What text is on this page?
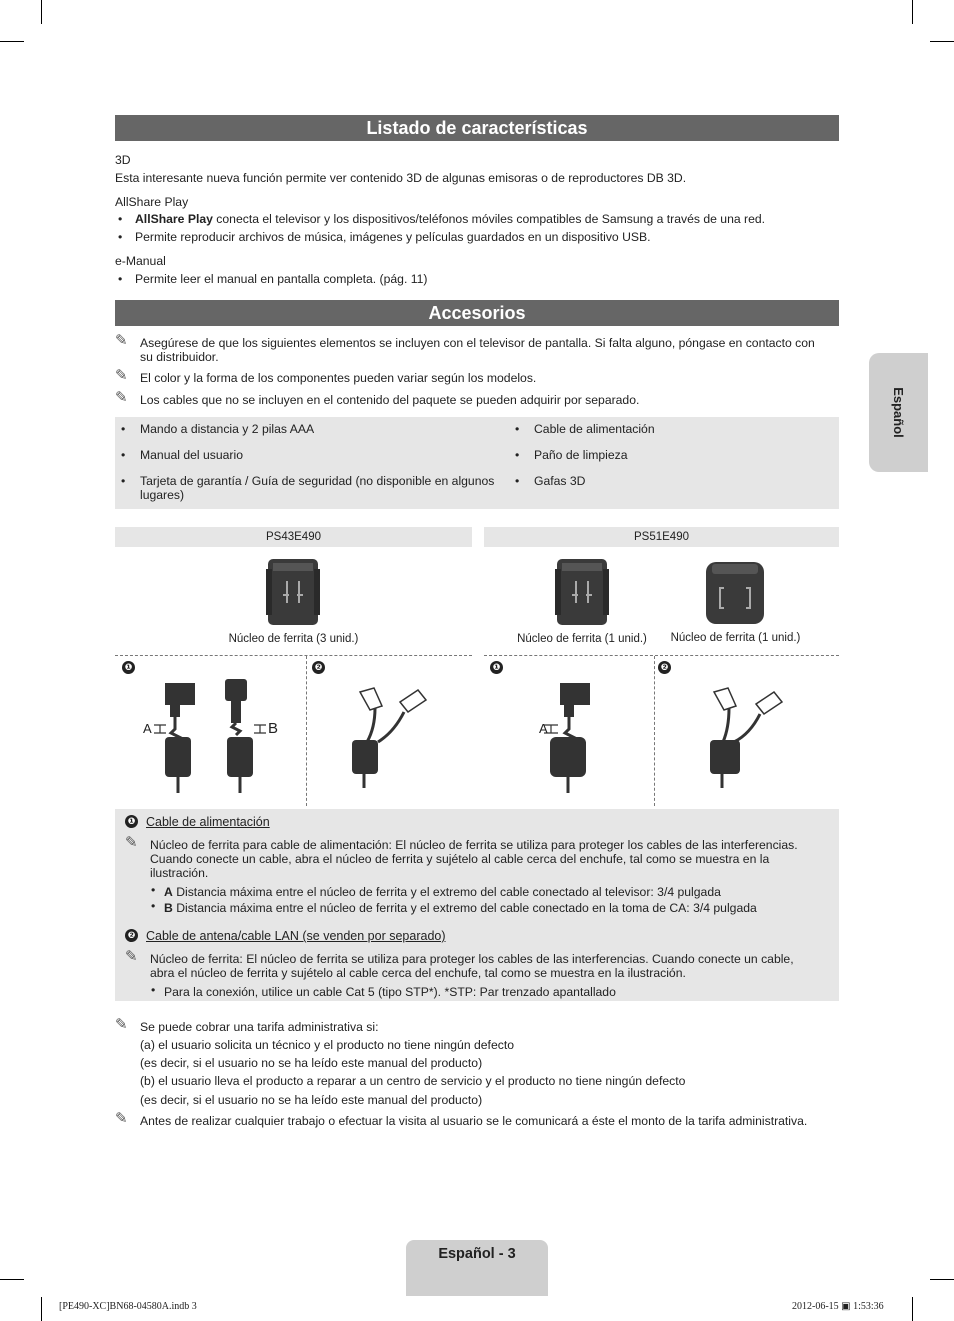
Español
Listado de características
3D
Esta interesante nueva función permite ver contenido 3D de algunas emisoras o de reproductores DB 3D.
AllShare Play
• AllShare Play conecta el televisor y los dispositivos/teléfonos móviles compatibles de Samsung a través de una red.
• Permite reproducir archivos de música, imágenes y películas guardados en un dispositivo USB.
e-Manual
• Permite leer el manual en pantalla completa. (pág. 11)
Accesorios
✎ Asegúrese de que los siguientes elementos se incluyen con el televisor de pantalla. Si falta alguno, póngase en contacto con su distribuidor.
✎ El color y la forma de los componentes pueden variar según los modelos.
✎ Los cables que no se incluyen en el contenido del paquete se pueden adquirir por separado.
• Mando a distancia y 2 pilas AAA
• Manual del usuario
• Tarjeta de garantía / Guía de seguridad (no disponible en algunos lugares)
• Cable de alimentación
• Paño de limpieza
• Gafas 3D
PS43E490	PS51E490
Núcleo de ferrita (3 unid.)	Núcleo de ferrita (1 unid.)	Núcleo de ferrita (1 unid.)
❶	❷	❶	❷
A	B	A
❶ Cable de alimentación
✎ Núcleo de ferrita para cable de alimentación: El núcleo de ferrita se utiliza para proteger los cables de las interferencias. Cuando conecte un cable, abra el núcleo de ferrita y sujételo al cable cerca del enchufe, tal como se muestra en la ilustración.
• A Distancia máxima entre el núcleo de ferrita y el extremo del cable conectado al televisor: 3/4 pulgada
• B Distancia máxima entre el núcleo de ferrita y el extremo del cable conectado en la toma de CA: 3/4 pulgada
❷ Cable de antena/cable LAN (se venden por separado)
✎ Núcleo de ferrita: El núcleo de ferrita se utiliza para proteger los cables de las interferencias. Cuando conecte un cable, abra el núcleo de ferrita y sujételo al cable cerca del enchufe, tal como se muestra en la ilustración.
• Para la conexión, utilice un cable Cat 5 (tipo STP*). *STP: Par trenzado apantallado
✎ Se puede cobrar una tarifa administrativa si:
(a) el usuario solicita un técnico y el producto no tiene ningún defecto
(es decir, si el usuario no se ha leído este manual del producto)
(b) el usuario lleva el producto a reparar a un centro de servicio y el producto no tiene ningún defecto
(es decir, si el usuario no se ha leído este manual del producto)
✎ Antes de realizar cualquier trabajo o efectuar la visita al usuario se le comunicará a éste el monto de la tarifa administrativa.
Español - 3
[PE490-XC]BN68-04580A.indb 3	2012-06-15 ▣ 1:53:36
